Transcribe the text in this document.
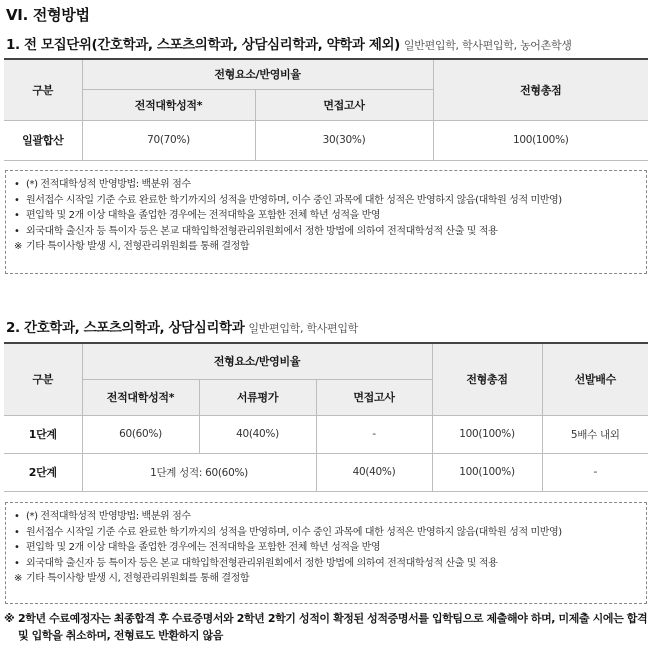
VI. 전형방법
1. 전 모집단위(간호학과, 스포츠의학과, 상담심리학과, 약학과 제외) 일반편입학, 학사편입학, 농어촌학생
구분	전형요소/반영비율		전형총점
	전적대학성적*	면접고사	
일괄합산	70(70%)	30(30%)	100(100%)
• (*) 전적대학성적 반영방법: 백분위 점수
• 원서접수 시작일 기준 수료 완료한 학기까지의 성적을 반영하며, 이수 중인 과목에 대한 성적은 반영하지 않음(대학원 성적 미반영)
• 편입학 및 2개 이상 대학을 졸업한 경우에는 전적대학을 포함한 전체 학년 성적을 반영
• 외국대학 출신자 등 특이자 등은 본교 대학입학전형관리위원회에서 정한 방법에 의하여 전적대학성적 산출 및 적용
※ 기타 특이사항 발생 시, 전형관리위원회를 통해 결정함
2. 간호학과, 스포츠의학과, 상담심리학과 일반편입학, 학사편입학
구분	전형요소/반영비율			전형총점	선발배수
	전적대학성적*	서류평가	면접고사		
1단계	60(60%)	40(40%)	-	100(100%)	5배수 내외
2단계	1단계 성적: 60(60%)		40(40%)	100(100%)	-
• (*) 전적대학성적 반영방법: 백분위 점수
• 원서접수 시작일 기준 수료 완료한 학기까지의 성적을 반영하며, 이수 중인 과목에 대한 성적은 반영하지 않음(대학원 성적 미반영)
• 편입학 및 2개 이상 대학을 졸업한 경우에는 전적대학을 포함한 전체 학년 성적을 반영
• 외국대학 출신자 등 특이자 등은 본교 대학입학전형관리위원회에서 정한 방법에 의하여 전적대학성적 산출 및 적용
※ 기타 특이사항 발생 시, 전형관리위원회를 통해 결정함
※ 2학년 수료예정자는 최종합격 후 수료증명서와 2학년 2학기 성적이 확정된 성적증명서를 입학팀으로 제출해야 하며, 미제출 시에는 합격 및 입학을 취소하며, 전형료도 반환하지 않음
